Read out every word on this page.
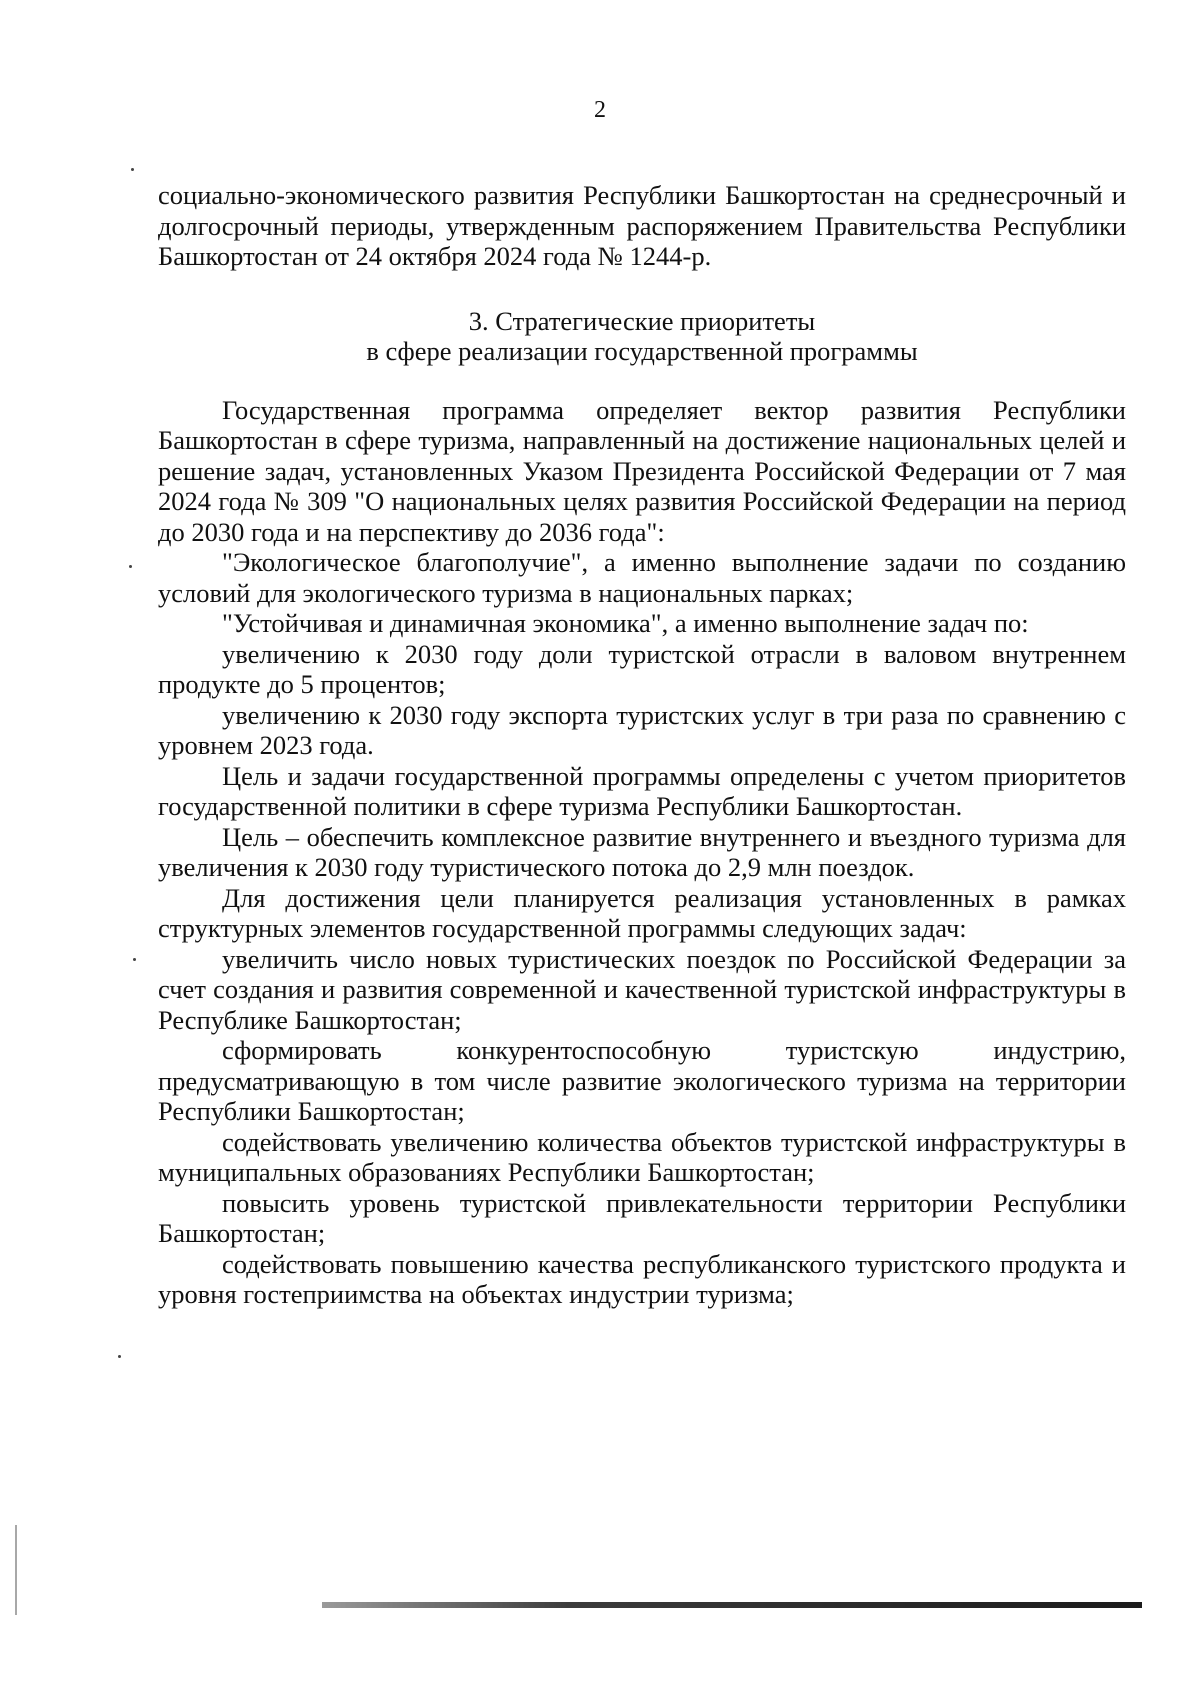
2

социально-экономического развития Республики Башкортостан на среднесрочный и долгосрочный периоды, утвержденным распоряжением Правительства Республики Башкортостан от 24 октября 2024 года № 1244-р.

3. Стратегические приоритеты
в сфере реализации государственной программы

Государственная программа определяет вектор развития Республики Башкортостан в сфере туризма, направленный на достижение национальных целей и решение задач, установленных Указом Президента Российской Федерации от 7 мая 2024 года № 309 "О национальных целях развития Российской Федерации на период до 2030 года и на перспективу до 2036 года":

"Экологическое благополучие", а именно выполнение задачи по созданию условий для экологического туризма в национальных парках;

"Устойчивая и динамичная экономика", а именно выполнение задач по:

увеличению к 2030 году доли туристской отрасли в валовом внутреннем продукте до 5 процентов;

увеличению к 2030 году экспорта туристских услуг в три раза по сравнению с уровнем 2023 года.

Цель и задачи государственной программы определены с учетом приоритетов государственной политики в сфере туризма Республики Башкортостан.

Цель – обеспечить комплексное развитие внутреннего и въездного туризма для увеличения к 2030 году туристического потока до 2,9 млн поездок.

Для достижения цели планируется реализация установленных в рамках структурных элементов государственной программы следующих задач:

увеличить число новых туристических поездок по Российской Федерации за счет создания и развития современной и качественной туристской инфраструктуры в Республике Башкортостан;

сформировать конкурентоспособную туристскую индустрию, предусматривающую в том числе развитие экологического туризма на территории Республики Башкортостан;

содействовать увеличению количества объектов туристской инфраструктуры в муниципальных образованиях Республики Башкортостан;

повысить уровень туристской привлекательности территории Республики Башкортостан;

содействовать повышению качества республиканского туристского продукта и уровня гостеприимства на объектах индустрии туризма;
